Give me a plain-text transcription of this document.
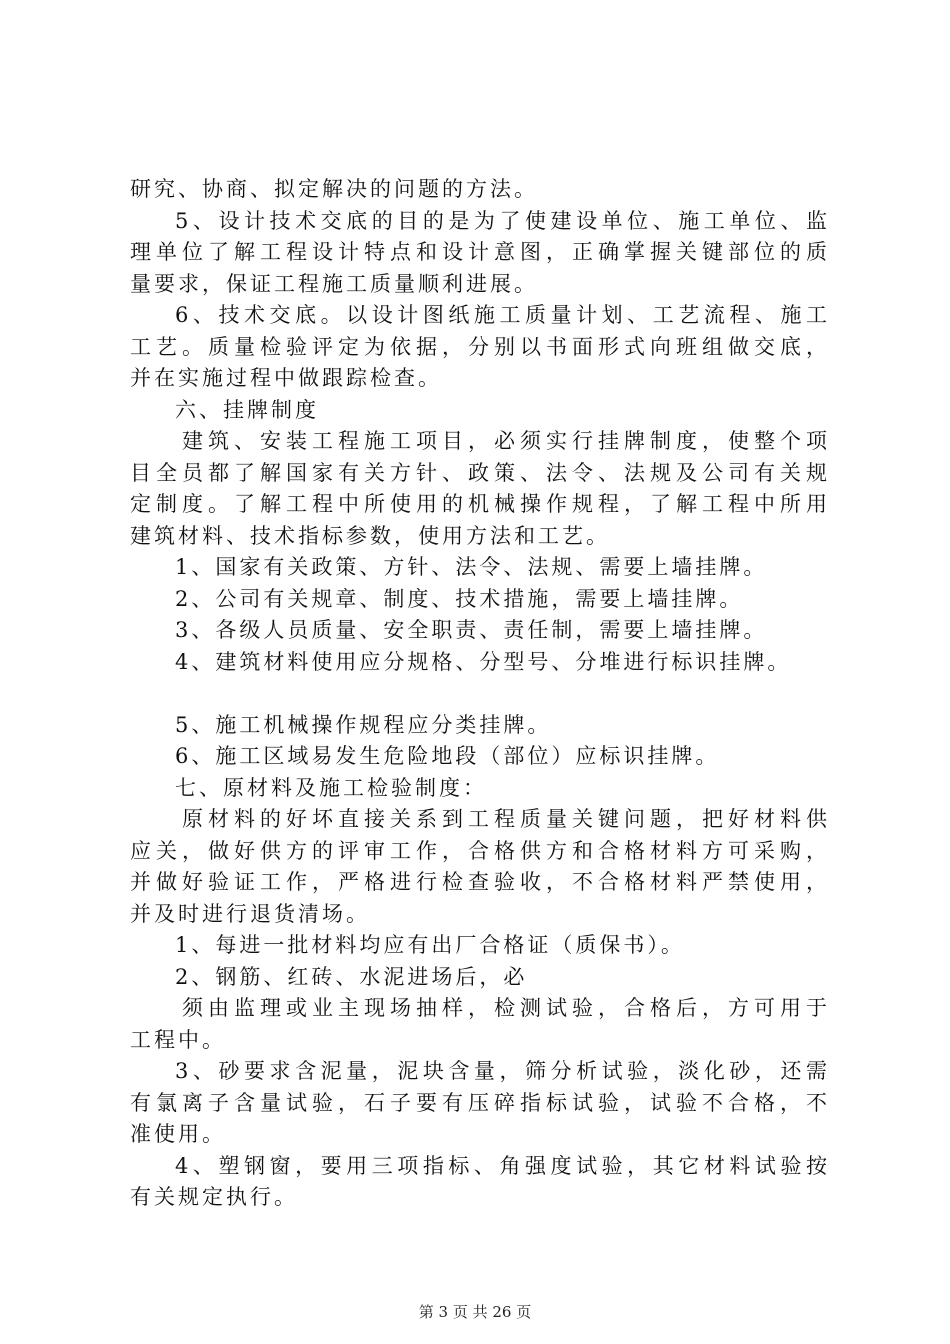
研究、协商、拟定解决的问题的方法。
5、设计技术交底的目的是为了使建设单位、施工单位、监
理单位了解工程设计特点和设计意图，正确掌握关键部位的质
量要求，保证工程施工质量顺利进展。
6、技术交底。以设计图纸施工质量计划、工艺流程、施工
工艺。质量检验评定为依据，分别以书面形式向班组做交底，
并在实施过程中做跟踪检查。
六、挂牌制度
建筑、安装工程施工项目，必须实行挂牌制度，使整个项
目全员都了解国家有关方针、政策、法令、法规及公司有关规
定制度。了解工程中所使用的机械操作规程，了解工程中所用
建筑材料、技术指标参数，使用方法和工艺。
1、国家有关政策、方针、法令、法规、需要上墙挂牌。
2、公司有关规章、制度、技术措施，需要上墙挂牌。
3、各级人员质量、安全职责、责任制，需要上墙挂牌。
4、建筑材料使用应分规格、分型号、分堆进行标识挂牌。
5、施工机械操作规程应分类挂牌。
6、施工区域易发生危险地段（部位）应标识挂牌。
七、原材料及施工检验制度：
原材料的好坏直接关系到工程质量关键问题，把好材料供
应关，做好供方的评审工作，合格供方和合格材料方可采购，
并做好验证工作，严格进行检查验收，不合格材料严禁使用，
并及时进行退货清场。
1、每进一批材料均应有出厂合格证（质保书）。
2、钢筋、红砖、水泥进场后，必
须由监理或业主现场抽样，检测试验，合格后，方可用于
工程中。
3、砂要求含泥量，泥块含量，筛分析试验，淡化砂，还需
有氯离子含量试验，石子要有压碎指标试验，试验不合格，不
准使用。
4、塑钢窗，要用三项指标、角强度试验，其它材料试验按
有关规定执行。
第 3 页 共 26 页
